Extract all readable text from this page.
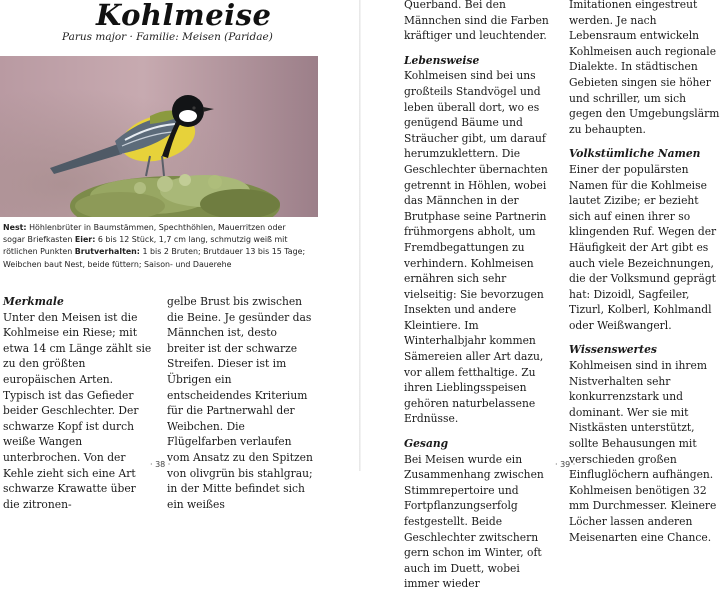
Kohlmeise
Parus major · Familie: Meisen (Paridae)
Nest: Höhlenbrüter in Baumstämmen, Spechthöhlen, Mauerritzen oder sogar Briefkasten Eier: 6 bis 12 Stück, 1,7 cm lang, schmutzig weiß mit rötlichen Punkten Brutverhalten: 1 bis 2 Bruten; Brutdauer 13 bis 15 Tage; Weibchen baut Nest, beide füttern; Saison- und Dauerehe

Merkmale

Unter den Meisen ist die Kohlmeise ein Riese; mit etwa 14 cm Länge zählt sie zu den größten europäischen Arten. Typisch ist das Gefieder beider Geschlechter. Der schwarze Kopf ist durch weiße Wangen unterbrochen. Von der Kehle zieht sich eine Art schwarze Krawatte über die zitronen-

gelbe Brust bis zwischen die Beine. Je gesünder das Männchen ist, desto breiter ist der schwarze Streifen. Dieser ist im Übrigen ein entscheidendes Kriterium für die Partnerwahl der Weibchen. Die Flügelfarben verlaufen vom Ansatz zu den Spitzen von olivgrün bis stahlgrau; in der Mitte befindet sich ein weißes

· 38 ·

Querband. Bei den Männchen sind die Farben kräftiger und leuchtender.

Lebensweise

Kohlmeisen sind bei uns großteils Standvögel und leben überall dort, wo es genügend Bäume und Sträucher gibt, um darauf herumzuklettern. Die Geschlechter übernachten getrennt in Höhlen, wobei das Männchen in der Brutphase seine Partnerin frühmorgens abholt, um Fremdbegattungen zu verhindern. Kohlmeisen ernähren sich sehr vielseitig: Sie bevorzugen Insekten und andere Kleintiere. Im Winterhalbjahr kommen Sämereien aller Art dazu, vor allem fetthaltige. Zu ihren Lieblingsspeisen gehören naturbelassene Erdnüsse.

Gesang

Bei Meisen wurde ein Zusammenhang zwischen Stimmrepertoire und Fortpflanzungserfolg festgestellt. Beide Geschlechter zwitschern gern schon im Winter, oft auch im Duett, wobei immer wieder

Imitationen eingestreut werden. Je nach Lebensraum entwickeln Kohlmeisen auch regionale Dialekte. In städtischen Gebieten singen sie höher und schriller, um sich gegen den Umgebungslärm zu behaupten.

Volkstümliche Namen

Einer der populärsten Namen für die Kohlmeise lautet Zizibe; er bezieht sich auf einen ihrer so klingenden Ruf. Wegen der Häufigkeit der Art gibt es auch viele Bezeichnungen, die der Volksmund geprägt hat: Dizoidl, Sagfeiler, Tizurl, Kolberl, Kohlmandl oder Weißwangerl.

Wissenswertes

Kohlmeisen sind in ihrem Nistverhalten sehr konkurrenzstark und dominant. Wer sie mit Nistkästen unterstützt, sollte Behausungen mit verschieden großen Einfluglöchern aufhängen. Kohlmeisen benötigen 32 mm Durchmesser. Kleinere Löcher lassen anderen Meisenarten eine Chance.

· 39 ·
